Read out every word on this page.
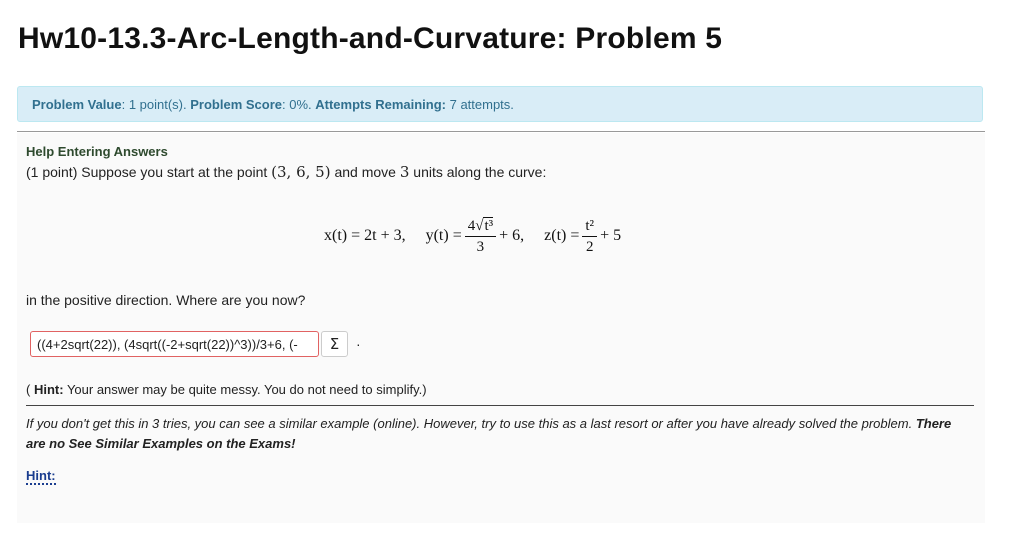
Hw10-13.3-Arc-Length-and-Curvature: Problem 5
Problem Value: 1 point(s). Problem Score: 0%. Attempts Remaining: 7 attempts.
Help Entering Answers
(1 point) Suppose you start at the point (3, 6, 5) and move 3 units along the curve:
x(t) = 2t + 3, $y(t) = \frac{\text{4√t³}}{3} + 6$, $z(t) = \frac{\text{t²}}{2} + 5$
in the positive direction. Where are you now?
((4+2sqrt(22)), (4sqrt((-2+sqrt(22))^3))/3+6, (-
Σ ·
( Hint: Your answer may be quite messy. You do not need to simplify.)
If you don't get this in 3 tries, you can see a similar example (online). However, try to use this as a last resort or after you have already solved the problem. There are no See Similar Examples on the Exams!
Hint:
